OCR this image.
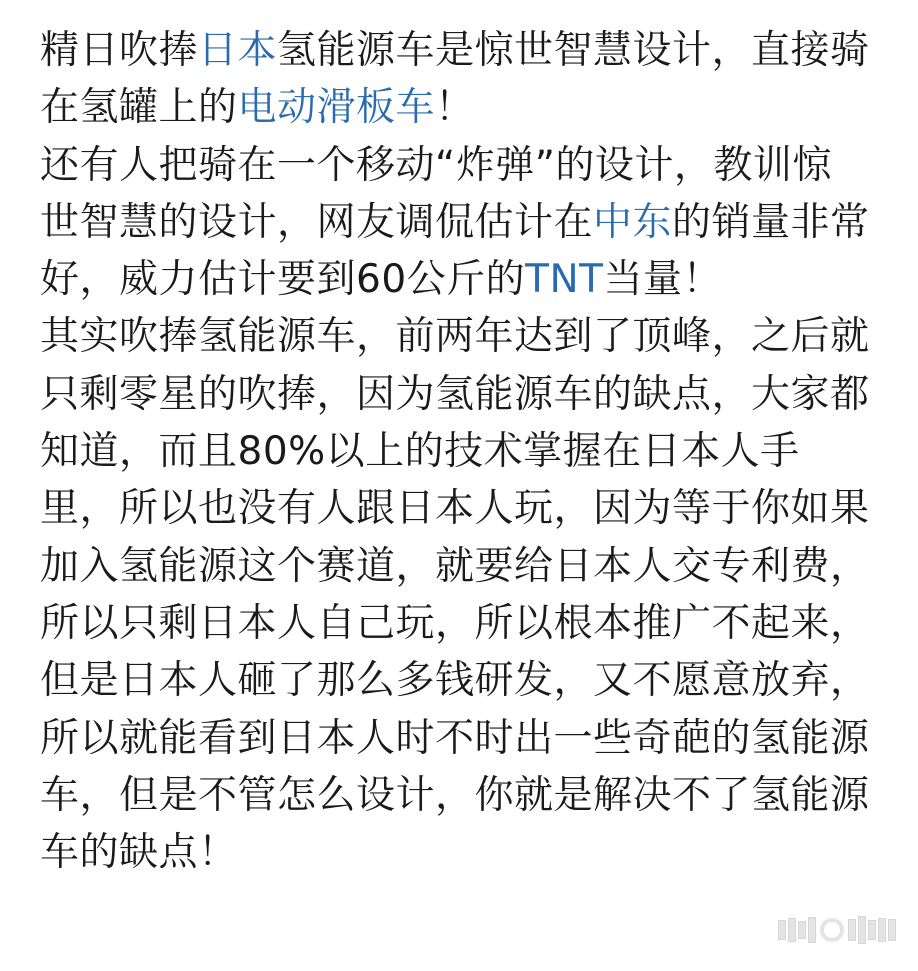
精日吹捧日本氢能源车是惊世智慧设计，直接骑在氢罐上的电动滑板车！

还有人把骑在一个移动“炸弹”的设计，教训惊世智慧的设计，网友调侃估计在中东的销量非常好，威力估计要到60公斤的TNT当量！

其实吹捧氢能源车，前两年达到了顶峰，之后就只剩零星的吹捧，因为氢能源车的缺点，大家都知道，而且80%以上的技术掌握在日本人手里，所以也没有人跟日本人玩，因为等于你如果加入氢能源这个赛道，就要给日本人交专利费，所以只剩日本人自己玩，所以根本推广不起来，但是日本人砸了那么多钱研发，又不愿意放弃，所以就能看到日本人时不时出一些奇葩的氢能源车，但是不管怎么设计，你就是解决不了氢能源车的缺点！
